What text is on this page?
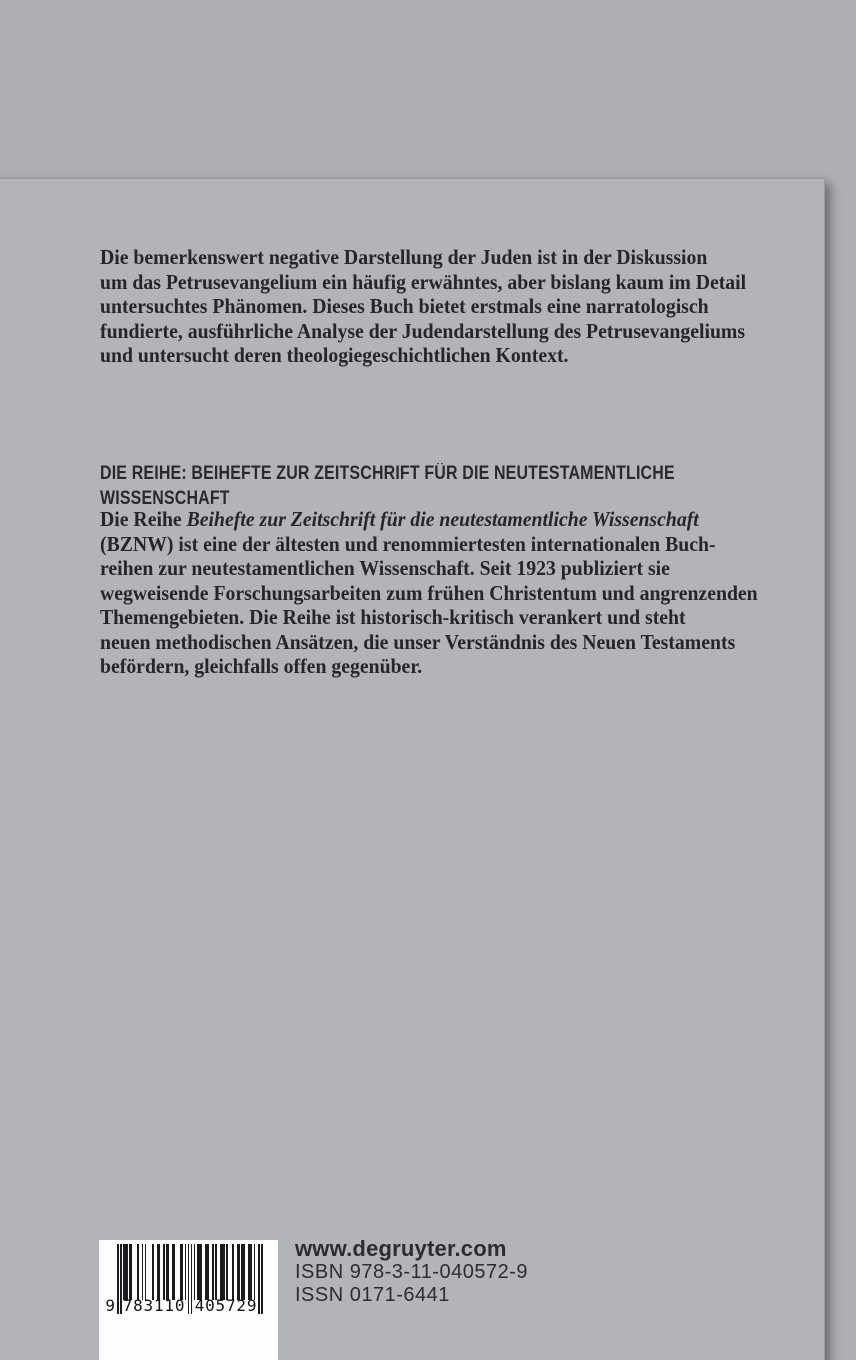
Die bemerkenswert negative Darstellung der Juden ist in der Diskussion
um das Petrusevangelium ein häufig erwähntes, aber bislang kaum im Detail
untersuchtes Phänomen. Dieses Buch bietet erstmals eine narratologisch
fundierte, ausführliche Analyse der Judendarstellung des Petrusevangeliums
und untersucht deren theologiegeschichtlichen Kontext.
DIE REIHE: BEIHEFTE ZUR ZEITSCHRIFT FÜR DIE NEUTESTAMENTLICHE
WISSENSCHAFT
Die Reihe Beihefte zur Zeitschrift für die neutestamentliche Wissenschaft
(BZNW) ist eine der ältesten und renommiertesten internationalen Buch-
reihen zur neutestamentlichen Wissenschaft. Seit 1923 publiziert sie
wegweisende Forschungsarbeiten zum frühen Christentum und angrenzenden
Themengebieten. Die Reihe ist historisch-kritisch verankert und steht
neuen methodischen Ansätzen, die unser Verständnis des Neuen Testaments
befördern, gleichfalls offen gegenüber.
9 783110 405729
www.degruyter.com
ISBN 978-3-11-040572-9
ISSN 0171-6441
